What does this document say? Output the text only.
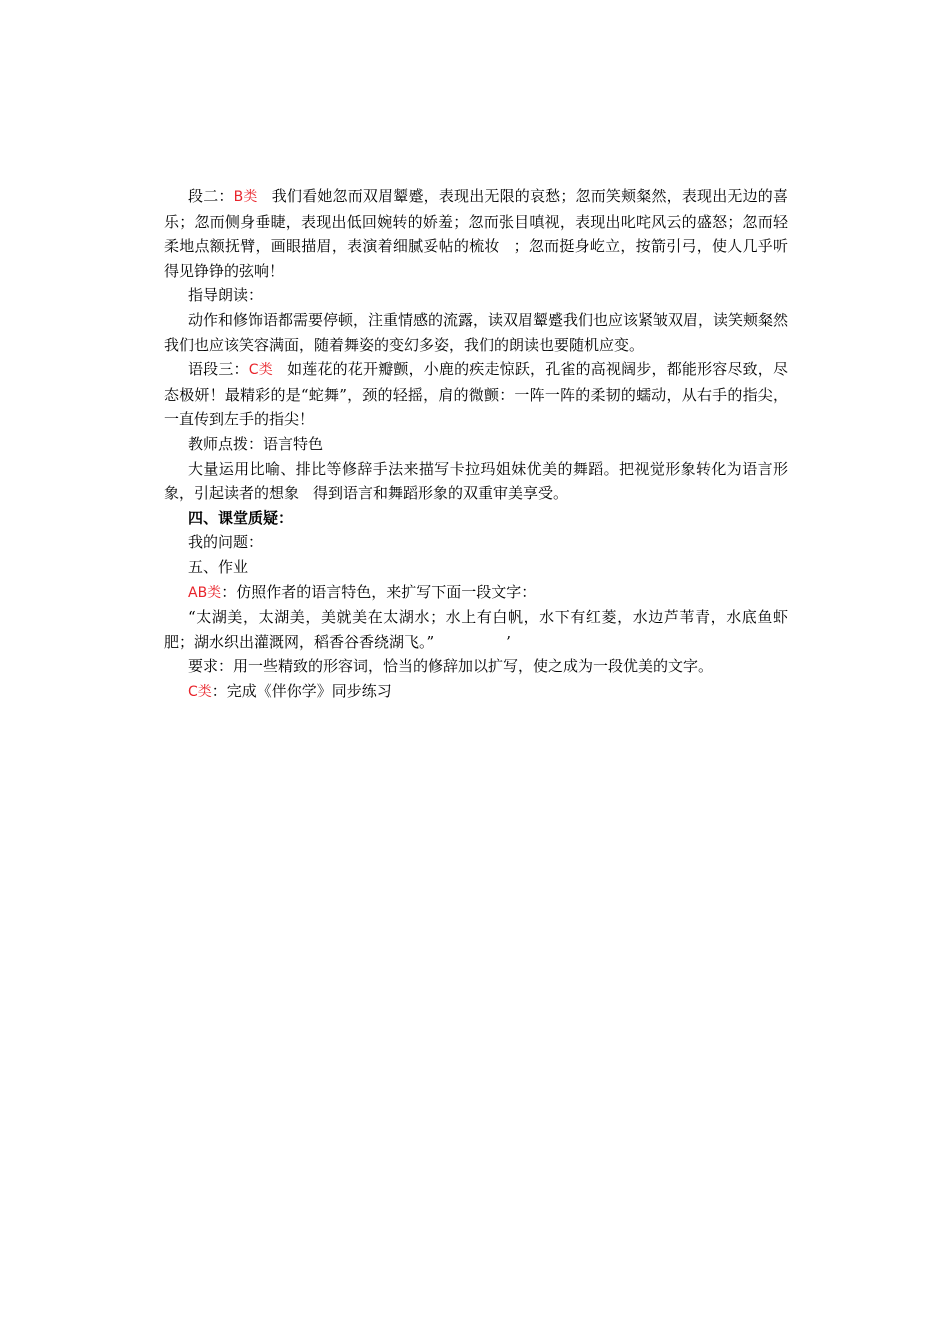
段二：B类 我们看她忽而双眉颦蹙，表现出无限的哀愁；忽而笑颊粲然，表现出无边的喜乐；忽而侧身垂睫，表现出低回婉转的娇羞；忽而张目嗔视，表现出叱咤风云的盛怒；忽而轻柔地点额抚臂，画眼描眉，表演着细腻妥帖的梳妆 ；忽而挺身屹立，按箭引弓，使人几乎听得见铮铮的弦响！

指导朗读：

动作和修饰语都需要停顿，注重情感的流露，读双眉颦蹙我们也应该紧皱双眉，读笑颊粲然我们也应该笑容满面，随着舞姿的变幻多姿，我们的朗读也要随机应变。

语段三：C类 如莲花的花开瓣颤，小鹿的疾走惊跃，孔雀的高视阔步，都能形容尽致，尽态极妍！最精彩的是“蛇舞”，颈的轻摇，肩的微颤：一阵一阵的柔韧的蠕动，从右手的指尖，一直传到左手的指尖！

教师点拨：语言特色

大量运用比喻、排比等修辞手法来描写卡拉玛姐妹优美的舞蹈。把视觉形象转化为语言形象，引起读者的想象 得到语言和舞蹈形象的双重审美享受。

四、课堂质疑：

我的问题：

五、作业

AB类：仿照作者的语言特色，来扩写下面一段文字：

“太湖美，太湖美，美就美在太湖水；水上有白帆，水下有红菱，水边芦苇青，水底鱼虾肥；湖水织出灌溉网，稻香谷香绕湖飞。”	’

要求：用一些精致的形容词，恰当的修辞加以扩写，使之成为一段优美的文字。

C类：完成《伴你学》同步练习
